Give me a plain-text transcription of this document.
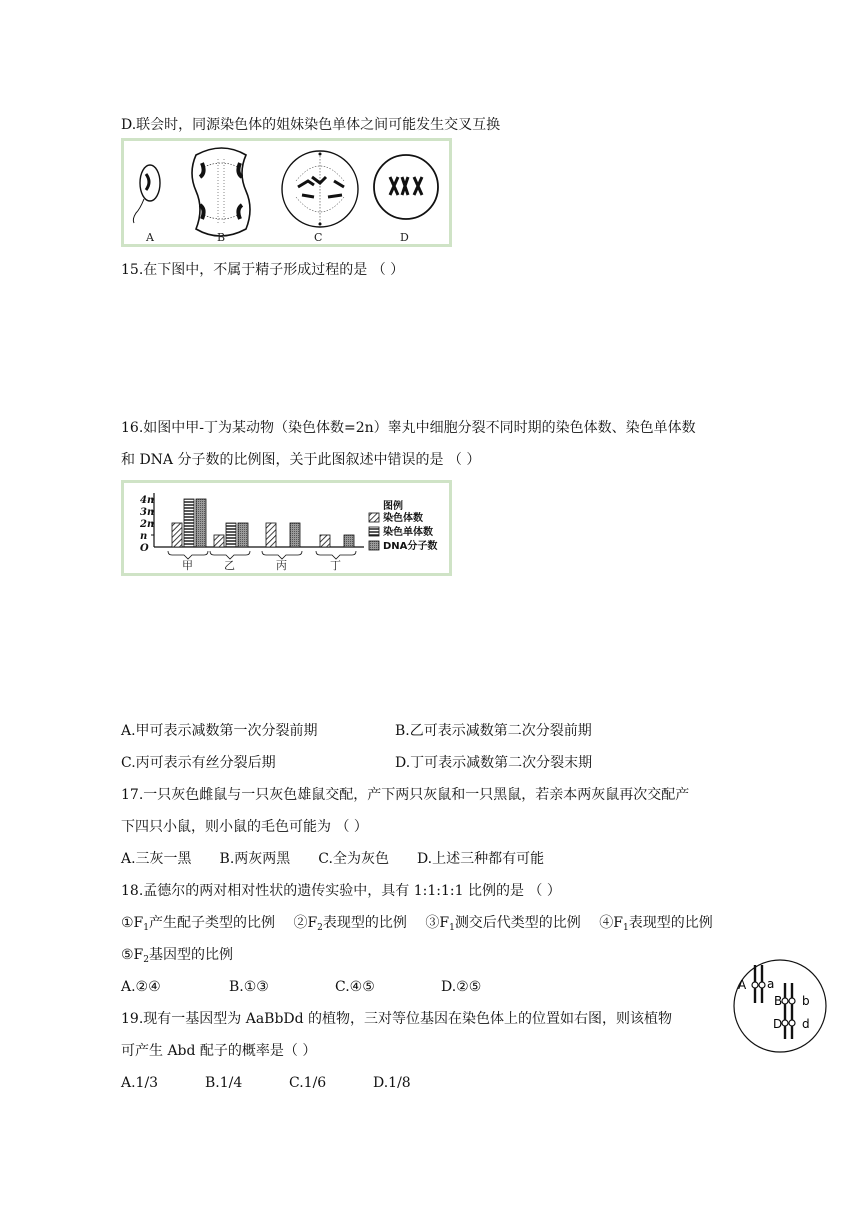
D.联会时，同源染色体的姐妹染色单体之间可能发生交叉互换
A	B	C	D
15.在下图中，不属于精子形成过程的是 （ ）
16.如图中甲-丁为某动物（染色体数=2n）睾丸中细胞分裂不同时期的染色体数、染色单体数
和 DNA 分子数的比例图，关于此图叙述中错误的是 （ ）
4n
3n
2n
n
O
甲	乙	丙	丁
图例
染色体数
染色单体数
DNA分子数
A.甲可表示减数第一次分裂前期	B.乙可表示减数第二次分裂前期
C.丙可表示有丝分裂后期	D.丁可表示减数第二次分裂末期
17.一只灰色雌鼠与一只灰色雄鼠交配，产下两只灰鼠和一只黑鼠，若亲本两灰鼠再次交配产
下四只小鼠，则小鼠的毛色可能为 （ ）
A.三灰一黑　　B.两灰两黑　　C.全为灰色　　D.上述三种都有可能
18.孟德尔的两对相对性状的遗传实验中，具有 1:1:1:1 比例的是 （ ）
$①F_1$产生配子类型的比例　 $②F_2$表现型的比例　 $③F_1$测交后代类型的比例　 $④F_1$表现型的比例
$⑤F_2$基因型的比例
A.②④	B.①③	C.④⑤	D.②⑤
19.现有一基因型为 AaBbDd 的植物，三对等位基因在染色体上的位置如右图，则该植物
可产生 Abd 配子的概率是（ ）
A.1/3	B.1/4	C.1/6	D.1/8
A a
B b
D d
